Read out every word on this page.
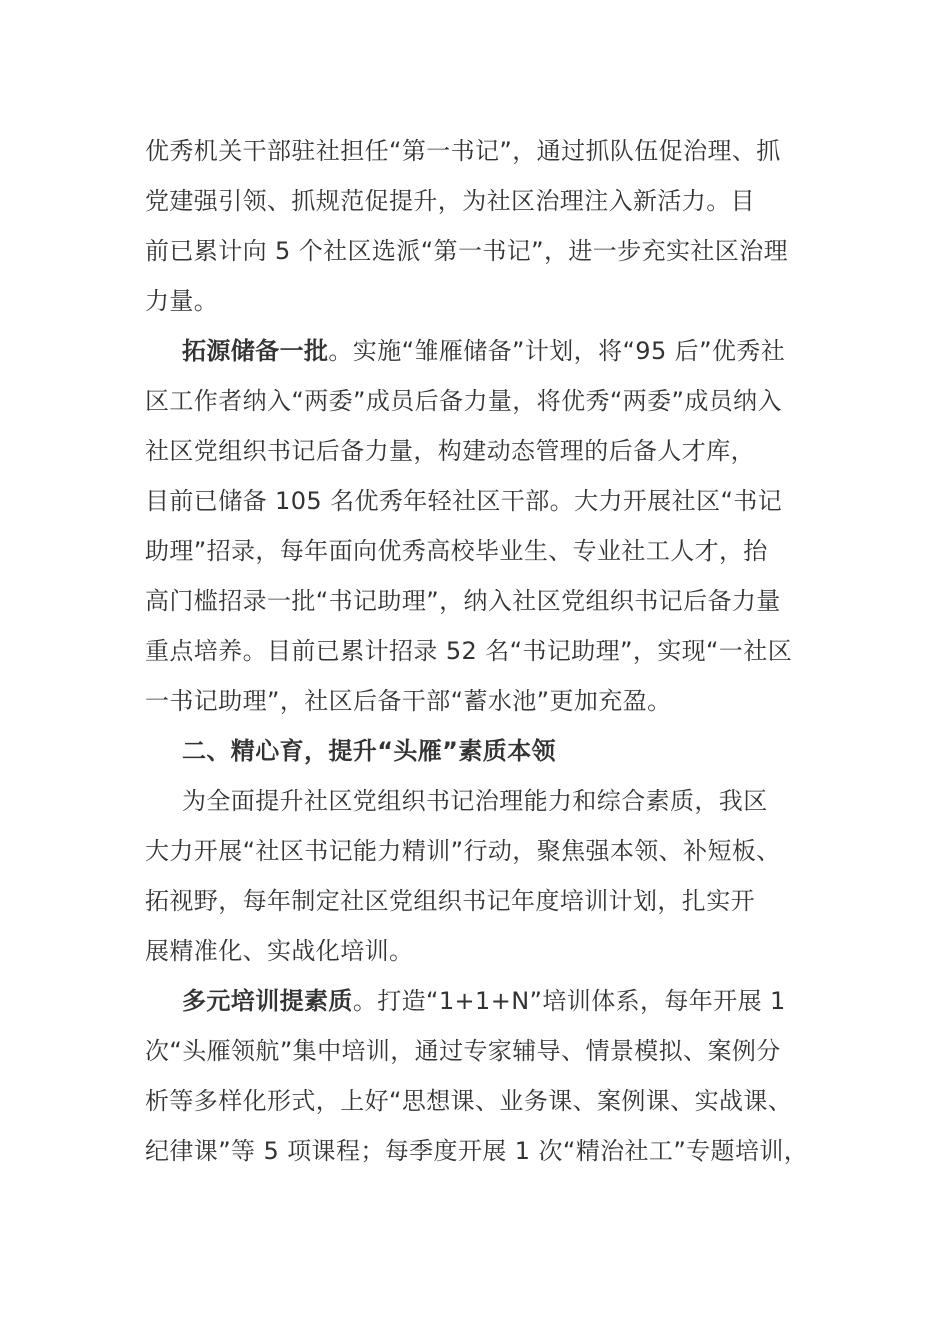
优秀机关干部驻社担任“第一书记”，通过抓队伍促治理、抓
党建强引领、抓规范促提升，为社区治理注入新活力。目
前已累计向 5 个社区选派“第一书记”，进一步充实社区治理
力量。
拓源储备一批。实施“雏雁储备”计划，将“95 后”优秀社
区工作者纳入“两委”成员后备力量，将优秀“两委”成员纳入
社区党组织书记后备力量，构建动态管理的后备人才库，
目前已储备 105 名优秀年轻社区干部。大力开展社区“书记
助理”招录，每年面向优秀高校毕业生、专业社工人才，抬
高门槛招录一批“书记助理”，纳入社区党组织书记后备力量
重点培养。目前已累计招录 52 名“书记助理”，实现“一社区
一书记助理”，社区后备干部“蓄水池”更加充盈。
二、精心育，提升“头雁”素质本领
为全面提升社区党组织书记治理能力和综合素质，我区
大力开展“社区书记能力精训”行动，聚焦强本领、补短板、
拓视野，每年制定社区党组织书记年度培训计划，扎实开
展精准化、实战化培训。
多元培训提素质。打造“1+1+N”培训体系，每年开展 1
次“头雁领航”集中培训，通过专家辅导、情景模拟、案例分
析等多样化形式，上好“思想课、业务课、案例课、实战课、
纪律课”等 5 项课程；每季度开展 1 次“精治社工”专题培训，
